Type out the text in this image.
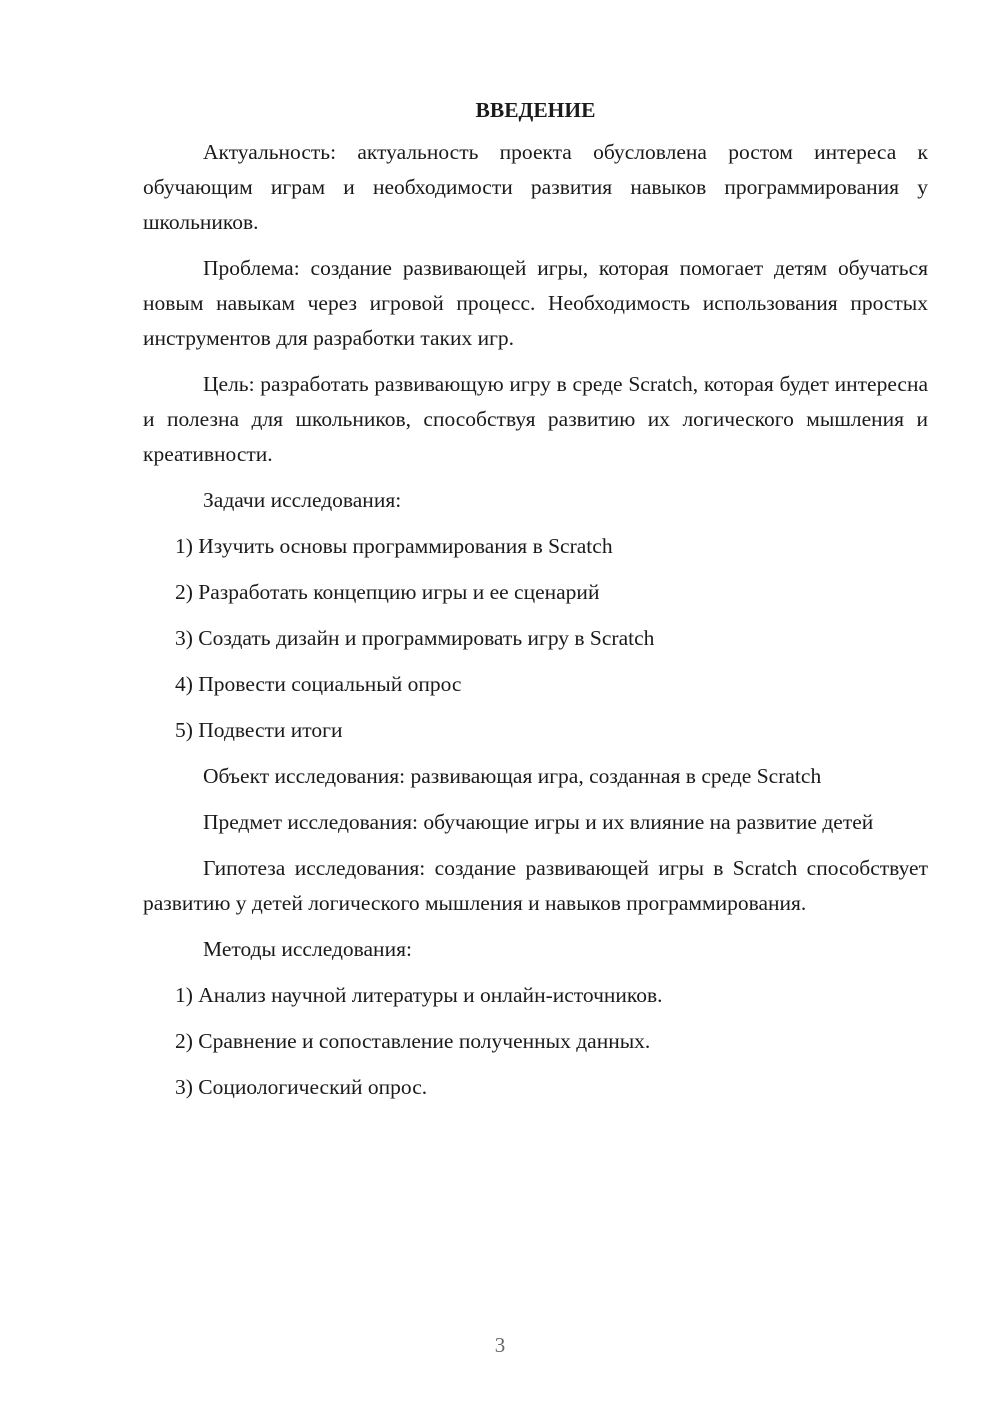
ВВЕДЕНИЕ

Актуальность: актуальность проекта обусловлена ростом интереса к обучающим играм и необходимости развития навыков программирования у школьников.

Проблема: создание развивающей игры, которая помогает детям обучаться новым навыкам через игровой процесс. Необходимость использования простых инструментов для разработки таких игр.

Цель: разработать развивающую игру в среде Scratch, которая будет интересна и полезна для школьников, способствуя развитию их логического мышления и креативности.

Задачи исследования:

1) Изучить основы программирования в Scratch

2) Разработать концепцию игры и ее сценарий

3) Создать дизайн и программировать игру в Scratch

4) Провести социальный опрос

5) Подвести итоги

Объект исследования: развивающая игра, созданная в среде Scratch

Предмет исследования: обучающие игры и их влияние на развитие детей

Гипотеза исследования: создание развивающей игры в Scratch способствует развитию у детей логического мышления и навыков программирования.

Методы исследования:

1) Анализ научной литературы и онлайн-источников.

2) Сравнение и сопоставление полученных данных.

3) Социологический опрос.

3
